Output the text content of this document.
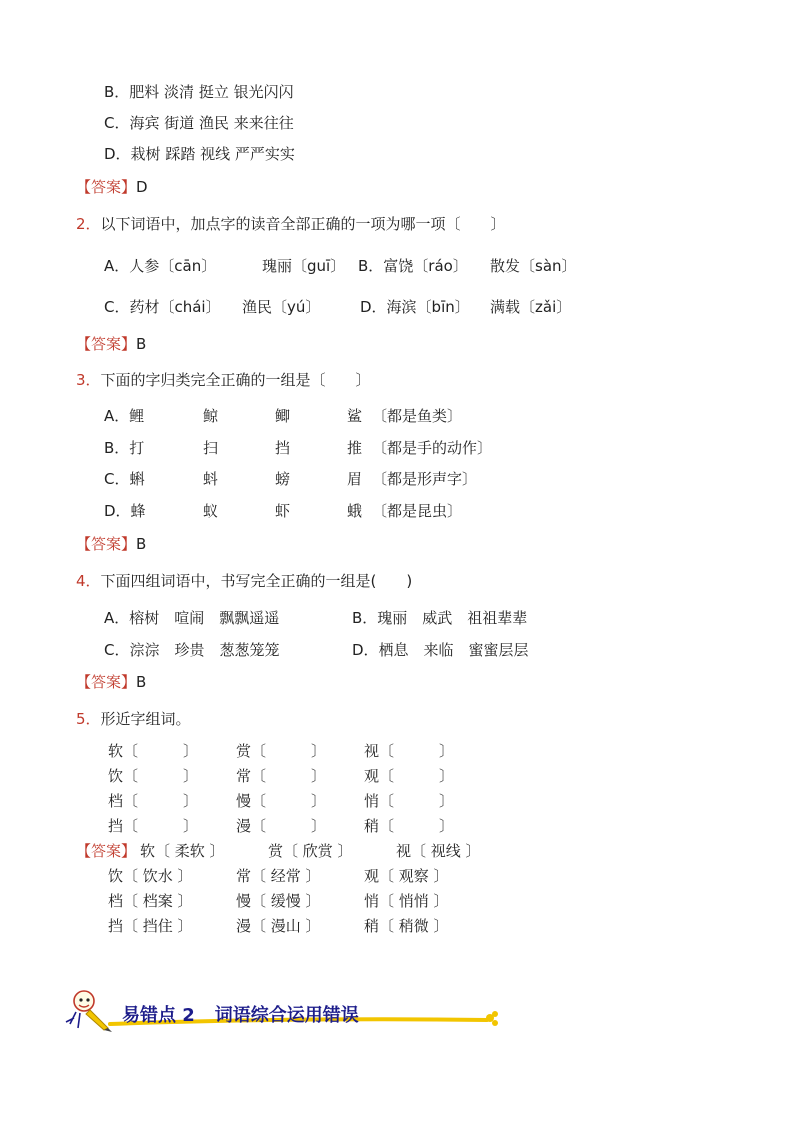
B．肥料 淡清 挺立 银光闪闪
C．海宾 街道 渔民 来来往往
D．栽树 踩踏 视线 严严实实
【答案】D
2．以下词语中，加点字的读音全部正确的一项为哪一项〔　　〕
A．人参〔cān〕	瑰丽〔guī〕 B．富饶〔ráo〕 散发〔sàn〕
C．药材〔chái〕 渔民〔yú〕	D．海滨〔bīn〕 满载〔zǎi〕
【答案】B
3．下面的字归类完全正确的一组是〔　　〕
A．鲤	鲸	鲫	鲨 〔都是鱼类〕
B．打	扫	挡	推 〔都是手的动作〕
C．蝌	蚪	螃	眉 〔都是形声字〕
D．蜂	蚁	虾	蛾 〔都是昆虫〕
【答案】B
4．下面四组词语中，书写完全正确的一组是(　　)
A．榕树　喧闹　飘飘遥遥	B．瑰丽　威武　祖祖辈辈
C．淙淙　珍贵　葱葱笼笼	D．栖息　来临　蜜蜜层层
【答案】B
5．形近字组词。
软〔　　　〕	赏〔　　　〕	视〔　　　〕
饮〔　　　〕	常〔　　　〕	观〔　　　〕
档〔　　　〕	慢〔　　　〕	悄〔　　　〕
挡〔　　　〕	漫〔　　　〕	稍〔　　　〕
【答案】 软〔 柔软 〕	赏〔 欣赏 〕	视〔 视线 〕
饮〔 饮水 〕	常〔 经常 〕	观〔 观察 〕
档〔 档案 〕	慢〔 缓慢 〕	悄〔 悄悄 〕
挡〔 挡住 〕	漫〔 漫山 〕	稍〔 稍微 〕
易错点 2 词语综合运用错误
